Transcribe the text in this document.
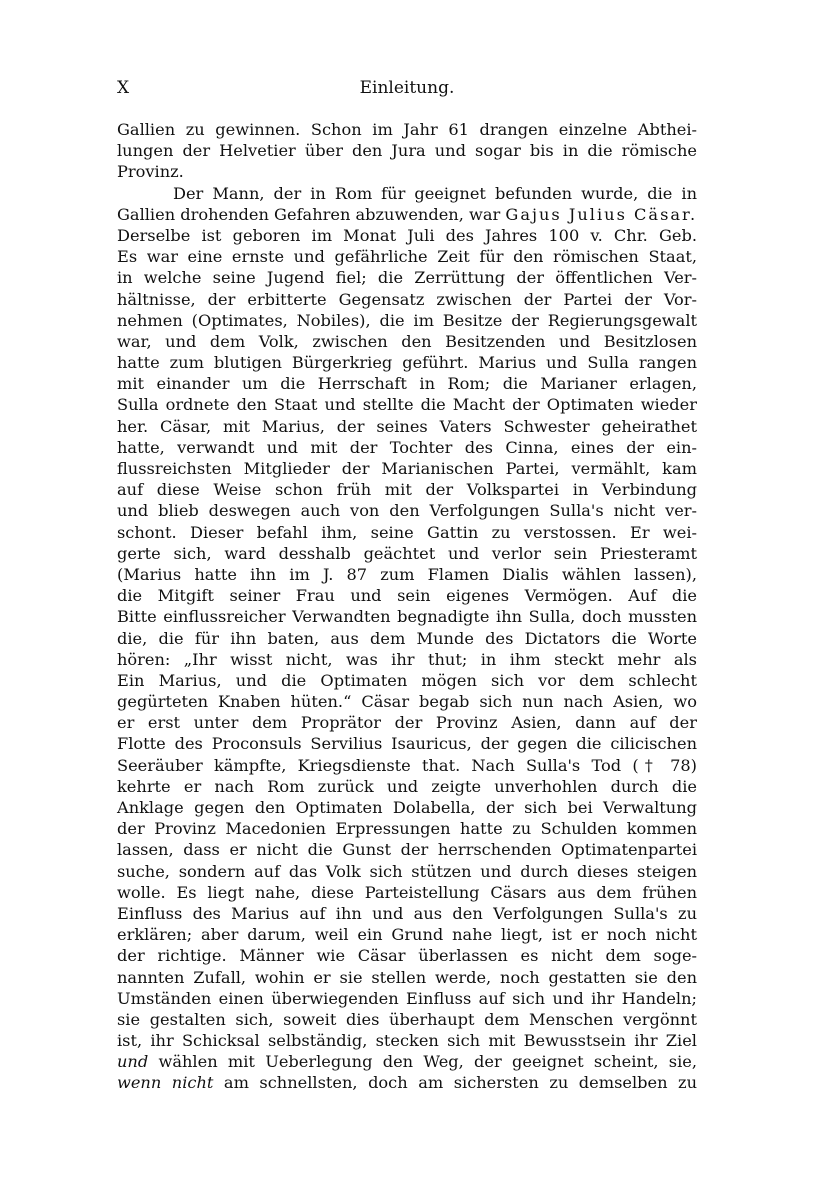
X	Einleitung.
Gallien zu gewinnen. Schon im Jahr 61 drangen einzelne Abthei-
lungen der Helvetier über den Jura und sogar bis in die römische
Provinz.
Der Mann, der in Rom für geeignet befunden wurde, die in
Gallien drohenden Gefahren abzuwenden, war Gajus Julius Cäsar.
Derselbe ist geboren im Monat Juli des Jahres 100 v. Chr. Geb.
Es war eine ernste und gefährliche Zeit für den römischen Staat,
in welche seine Jugend fiel; die Zerrüttung der öffentlichen Ver-
hältnisse, der erbitterte Gegensatz zwischen der Partei der Vor-
nehmen (Optimates, Nobiles), die im Besitze der Regierungsgewalt
war, und dem Volk, zwischen den Besitzenden und Besitzlosen
hatte zum blutigen Bürgerkrieg geführt. Marius und Sulla rangen
mit einander um die Herrschaft in Rom; die Marianer erlagen,
Sulla ordnete den Staat und stellte die Macht der Optimaten wieder
her. Cäsar, mit Marius, der seines Vaters Schwester geheirathet
hatte, verwandt und mit der Tochter des Cinna, eines der ein-
flussreichsten Mitglieder der Marianischen Partei, vermählt, kam
auf diese Weise schon früh mit der Volkspartei in Verbindung
und blieb deswegen auch von den Verfolgungen Sulla's nicht ver-
schont. Dieser befahl ihm, seine Gattin zu verstossen. Er wei-
gerte sich, ward desshalb geächtet und verlor sein Priesteramt
(Marius hatte ihn im J. 87 zum Flamen Dialis wählen lassen),
die Mitgift seiner Frau und sein eigenes Vermögen. Auf die
Bitte einflussreicher Verwandten begnadigte ihn Sulla, doch mussten
die, die für ihn baten, aus dem Munde des Dictators die Worte
hören: „Ihr wisst nicht, was ihr thut; in ihm steckt mehr als
Ein Marius, und die Optimaten mögen sich vor dem schlecht
gegürteten Knaben hüten.“ Cäsar begab sich nun nach Asien, wo
er erst unter dem Proprätor der Provinz Asien, dann auf der
Flotte des Proconsuls Servilius Isauricus, der gegen die cilicischen
Seeräuber kämpfte, Kriegsdienste that. Nach Sulla's Tod († 78)
kehrte er nach Rom zurück und zeigte unverhohlen durch die
Anklage gegen den Optimaten Dolabella, der sich bei Verwaltung
der Provinz Macedonien Erpressungen hatte zu Schulden kommen
lassen, dass er nicht die Gunst der herrschenden Optimatenpartei
suche, sondern auf das Volk sich stützen und durch dieses steigen
wolle. Es liegt nahe, diese Parteistellung Cäsars aus dem frühen
Einfluss des Marius auf ihn und aus den Verfolgungen Sulla's zu
erklären; aber darum, weil ein Grund nahe liegt, ist er noch nicht
der richtige. Männer wie Cäsar überlassen es nicht dem soge-
nannten Zufall, wohin er sie stellen werde, noch gestatten sie den
Umständen einen überwiegenden Einfluss auf sich und ihr Handeln;
sie gestalten sich, soweit dies überhaupt dem Menschen vergönnt
ist, ihr Schicksal selbständig, stecken sich mit Bewusstsein ihr Ziel
und wählen mit Ueberlegung den Weg, der geeignet scheint, sie,
wenn nicht am schnellsten, doch am sichersten zu demselben zu
